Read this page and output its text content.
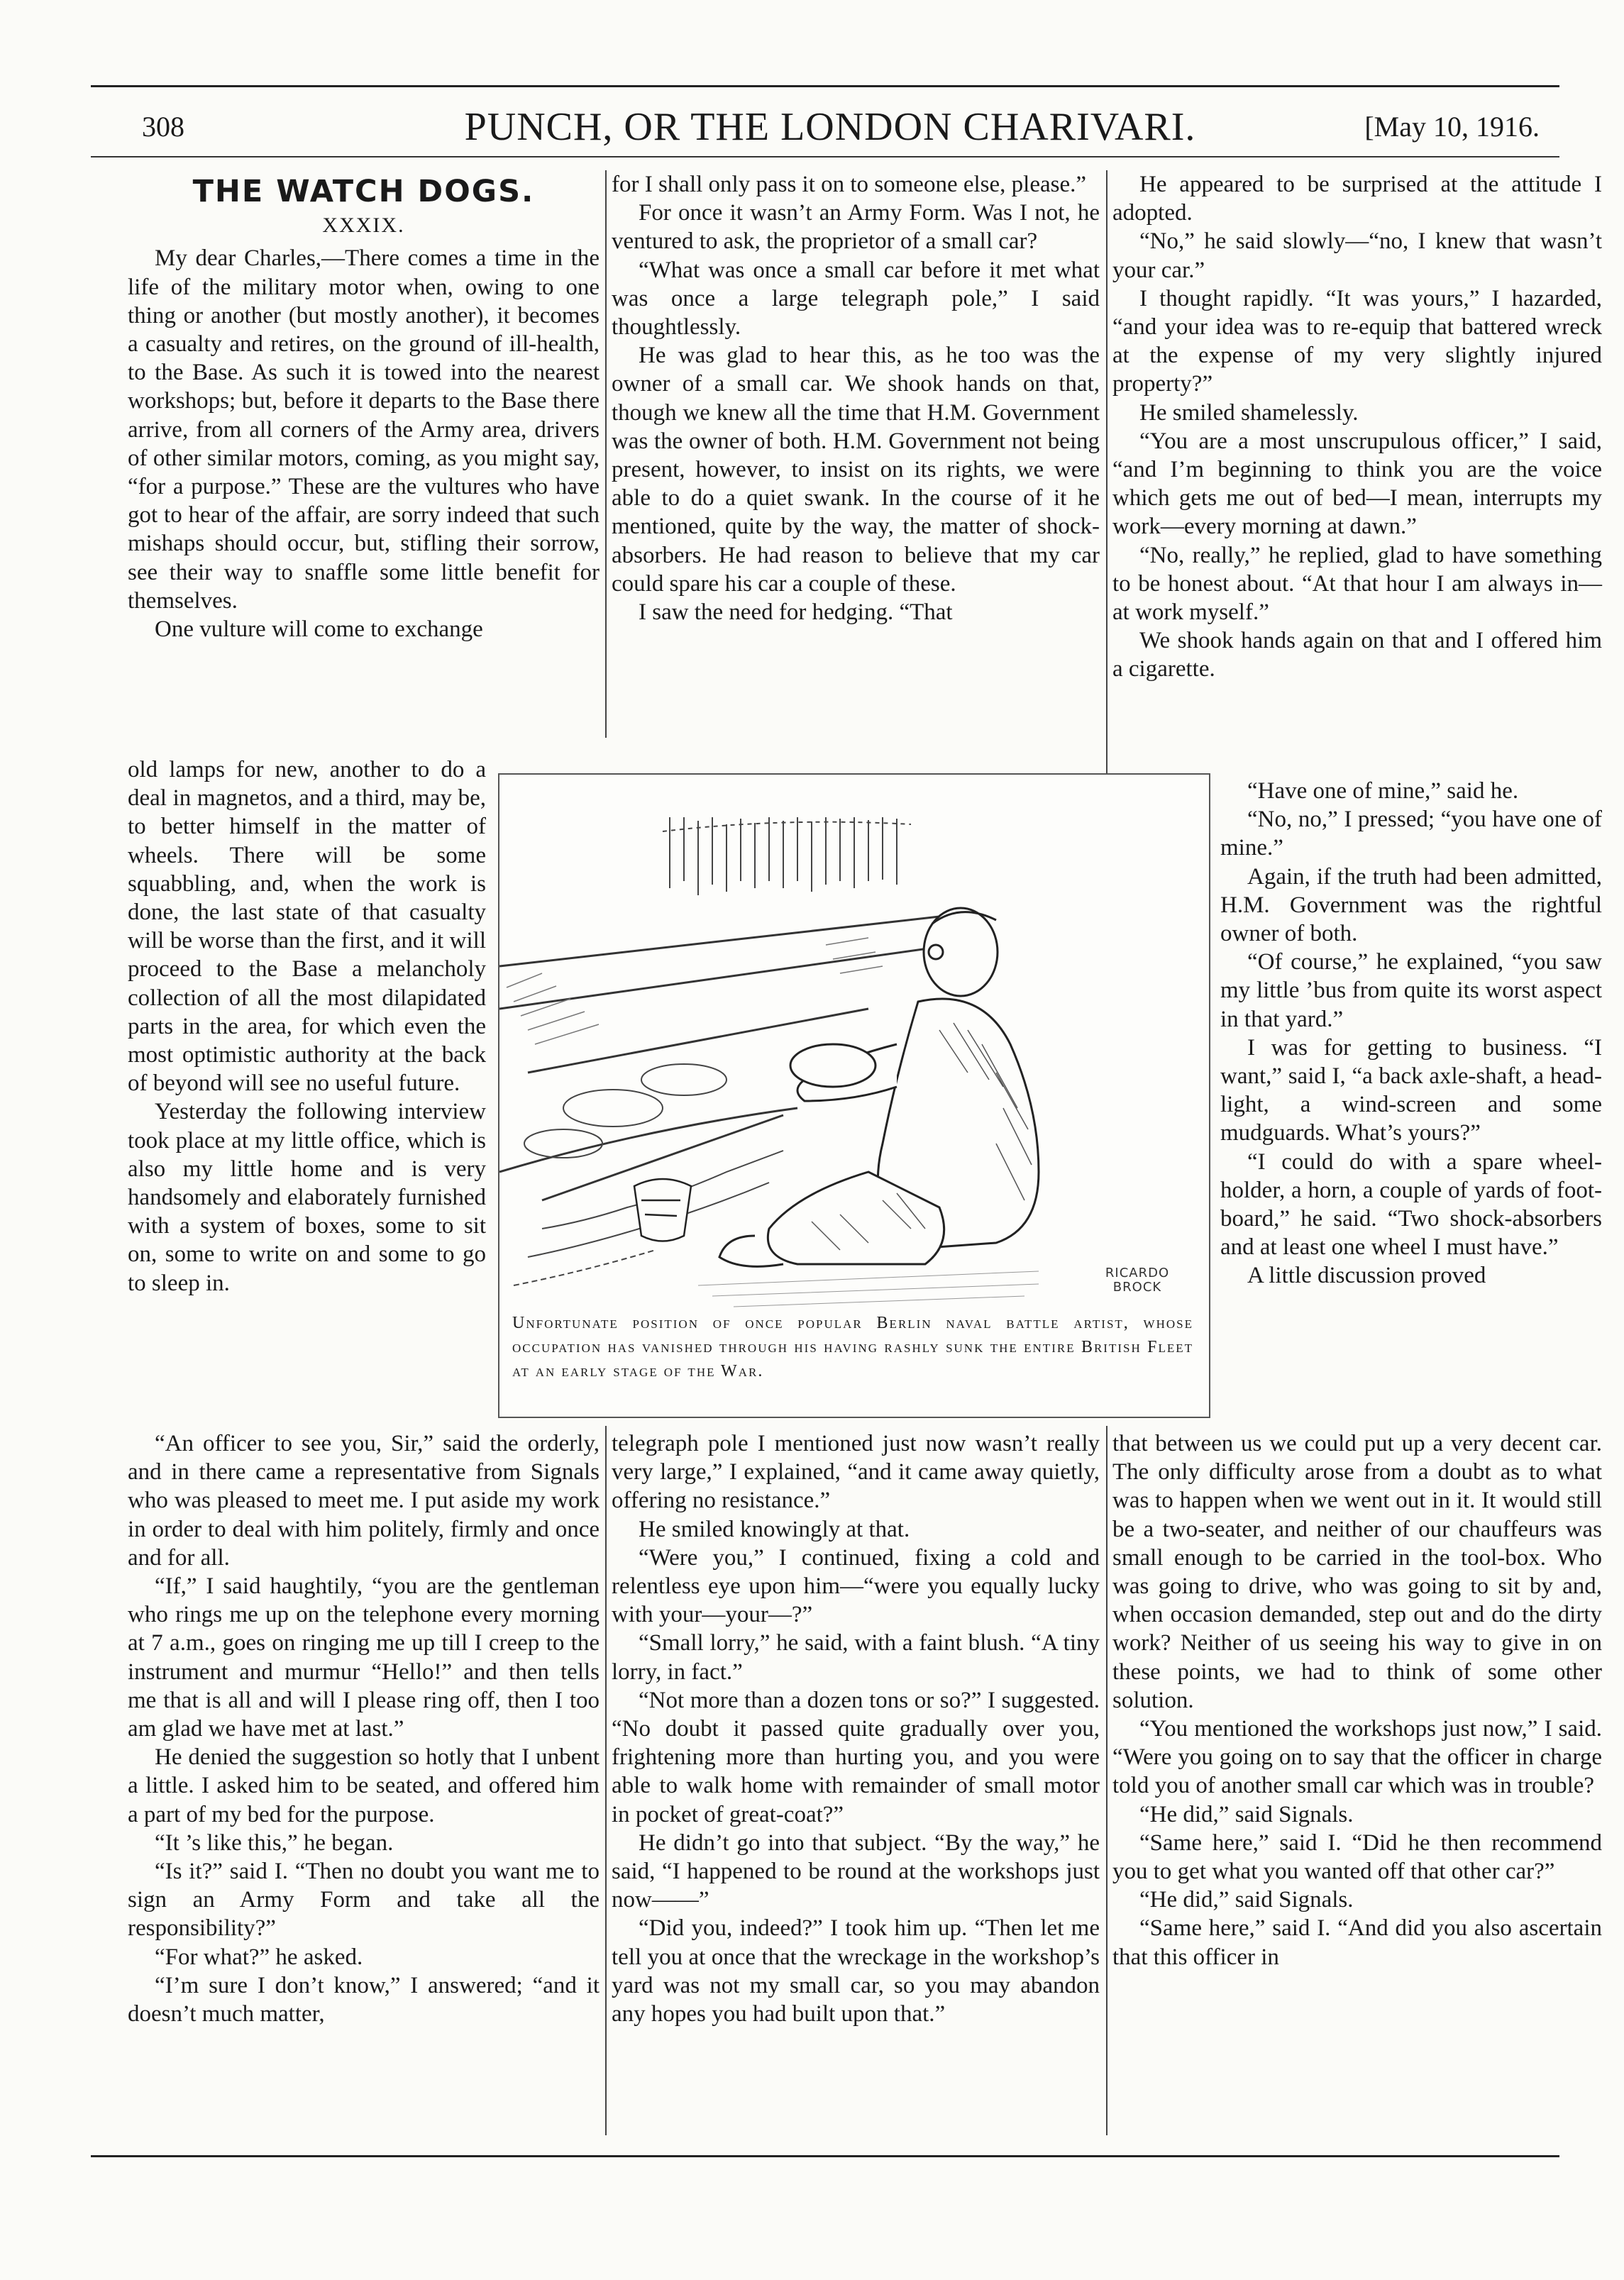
308	PUNCH, OR THE LONDON CHARIVARI.	[May 10, 1916.
THE WATCH DOGS.
XXXIX.

My dear Charles,—There comes a time in the life of the military motor when, owing to one thing or another (but mostly another), it becomes a casualty and retires, on the ground of ill-health, to the Base. As such it is towed into the nearest workshops; but, before it departs to the Base there arrive, from all corners of the Army area, drivers of other similar motors, coming, as you might say, “for a purpose.” These are the vultures who have got to hear of the affair, are sorry indeed that such mishaps should occur, but, stifling their sorrow, see their way to snaffle some little benefit for themselves.

One vulture will come to exchange

old lamps for new, another to do a deal in magnetos, and a third, may be, to better himself in the matter of wheels. There will be some squabbling, and, when the work is done, the last state of that casualty will be worse than the first, and it will proceed to the Base a melancholy collection of all the most dilapidated parts in the area, for which even the most optimistic authority at the back of beyond will see no useful future.

Yesterday the following interview took place at my little office, which is also my little home and is very handsomely and elaborately furnished with a system of boxes, some to sit on, some to write on and some to go to sleep in.

“An officer to see you, Sir,” said the orderly, and in there came a representative from Signals who was pleased to meet me. I put aside my work in order to deal with him politely, firmly and once and for all.

“If,” I said haughtily, “you are the gentleman who rings me up on the telephone every morning at 7 a.m., goes on ringing me up till I creep to the instrument and murmur “Hello!” and then tells me that is all and will I please ring off, then I too am glad we have met at last.”

He denied the suggestion so hotly that I unbent a little. I asked him to be seated, and offered him a part of my bed for the purpose.

“It ’s like this,” he began.

“Is it?” said I. “Then no doubt you want me to sign an Army Form and take all the responsibility?”

“For what?” he asked.

“I’m sure I don’t know,” I answered; “and it doesn’t much matter,

for I shall only pass it on to someone else, please.”

For once it wasn’t an Army Form. Was I not, he ventured to ask, the proprietor of a small car?

“What was once a small car before it met what was once a large telegraph pole,” I said thoughtlessly.

He was glad to hear this, as he too was the owner of a small car. We shook hands on that, though we knew all the time that H.M. Government was the owner of both. H.M. Government not being present, however, to insist on its rights, we were able to do a quiet swank. In the course of it he mentioned, quite by the way, the matter of shock-absorbers. He had reason to believe that my car could spare his car a couple of these.

I saw the need for hedging. “That

telegraph pole I mentioned just now wasn’t really very large,” I explained, “and it came away quietly, offering no resistance.”

He smiled knowingly at that.

“Were you,” I continued, fixing a cold and relentless eye upon him—“were you equally lucky with your—your—?”

“Small lorry,” he said, with a faint blush. “A tiny lorry, in fact.”

“Not more than a dozen tons or so?” I suggested. “No doubt it passed quite gradually over you, frightening more than hurting you, and you were able to walk home with remainder of small motor in pocket of great-coat?”

He didn’t go into that subject. “By the way,” he said, “I happened to be round at the workshops just now——”

“Did you, indeed?” I took him up. “Then let me tell you at once that the wreckage in the workshop’s yard was not my small car, so you may abandon any hopes you had built upon that.”

He appeared to be surprised at the attitude I adopted.

“No,” he said slowly—“no, I knew that wasn’t your car.”

I thought rapidly. “It was yours,” I hazarded, “and your idea was to re-equip that battered wreck at the expense of my very slightly injured property?”

He smiled shamelessly.

“You are a most unscrupulous officer,” I said, “and I’m beginning to think you are the voice which gets me out of bed—I mean, interrupts my work—every morning at dawn.”

“No, really,” he replied, glad to have something to be honest about. “At that hour I am always in—at work myself.”

We shook hands again on that and I offered him a cigarette.

“Have one of mine,” said he.

“No, no,” I pressed; “you have one of mine.”

Again, if the truth had been admitted, H.M. Government was the rightful owner of both.

“Of course,” he explained, “you saw my little ’bus from quite its worst aspect in that yard.”

I was for getting to business. “I want,” said I, “a back axle-shaft, a head-light, a wind-screen and some mudguards. What’s yours?”

“I could do with a spare wheel-holder, a horn, a couple of yards of foot-board,” he said. “Two shock-absorbers and at least one wheel I must have.”

A little discussion proved

that between us we could put up a very decent car. The only difficulty arose from a doubt as to what was to happen when we went out in it. It would still be a two-seater, and neither of our chauffeurs was small enough to be carried in the tool-box. Who was going to drive, who was going to sit by and, when occasion demanded, step out and do the dirty work? Neither of us seeing his way to give in on these points, we had to think of some other solution.

“You mentioned the workshops just now,” I said. “Were you going on to say that the officer in charge told you of another small car which was in trouble?

“He did,” said Signals.

“Same here,” said I. “Did he then recommend you to get what you wanted off that other car?”

“He did,” said Signals.

“Same here,” said I. “And did you also ascertain that this officer in

RICARDO
BROCK
Unfortunate position of once popular Berlin naval battle artist, whose occupation has vanished through his having rashly sunk the entire British Fleet at an early stage of the War.
